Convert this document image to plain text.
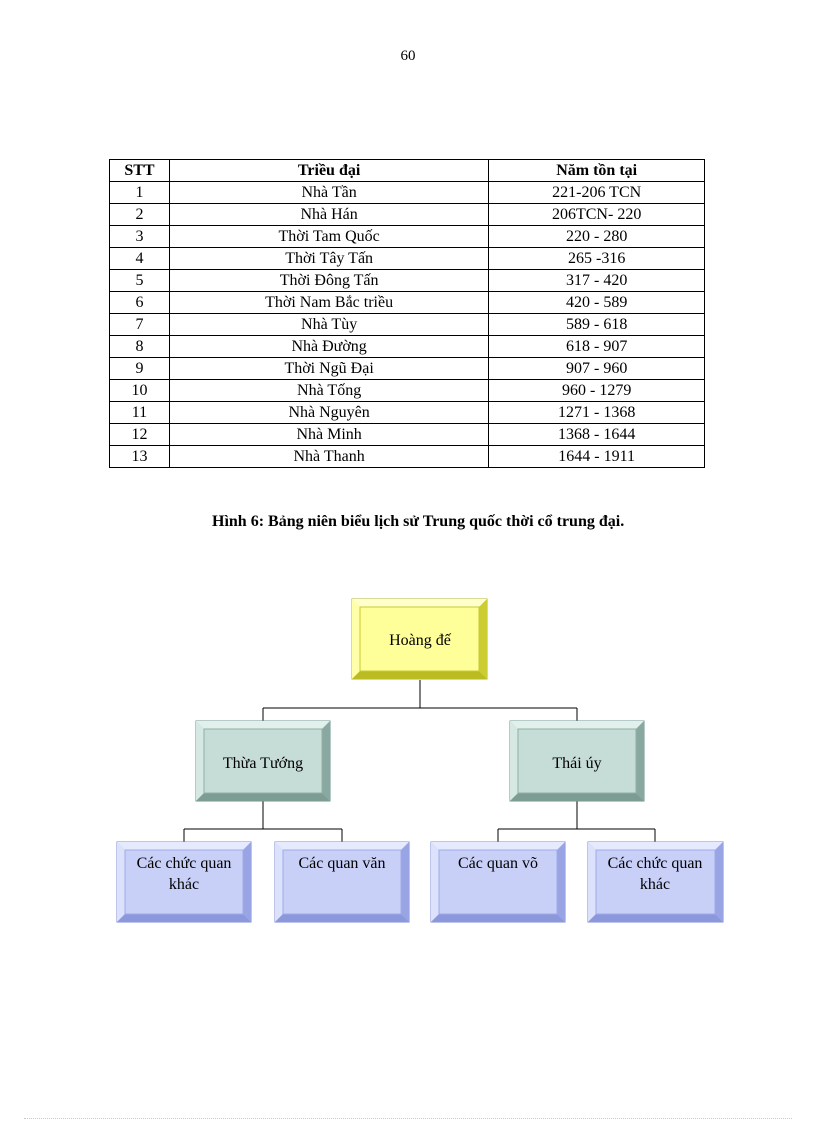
60
STT	Triều đại	Năm tồn tại
1	Nhà Tần	221-206 TCN
2	Nhà Hán	206TCN- 220
3	Thời Tam Quốc	220 - 280
4	Thời Tây Tấn	265 -316
5	Thời Đông Tấn	317 - 420
6	Thời Nam Bắc triều	420 - 589
7	Nhà Tùy	589 - 618
8	Nhà Đường	618 - 907
9	Thời Ngũ Đại	907 - 960
10	Nhà Tống	960 - 1279
11	Nhà Nguyên	1271 - 1368
12	Nhà Minh	1368 - 1644
13	Nhà Thanh	1644 - 1911
Hình 6: Bảng niên biểu lịch sử Trung quốc thời cổ trung đại.
Hoàng đế
Thừa Tướng	Thái úy
Các chức quan
khác
Các quan văn	Các quan võ	Các chức quan
khác
